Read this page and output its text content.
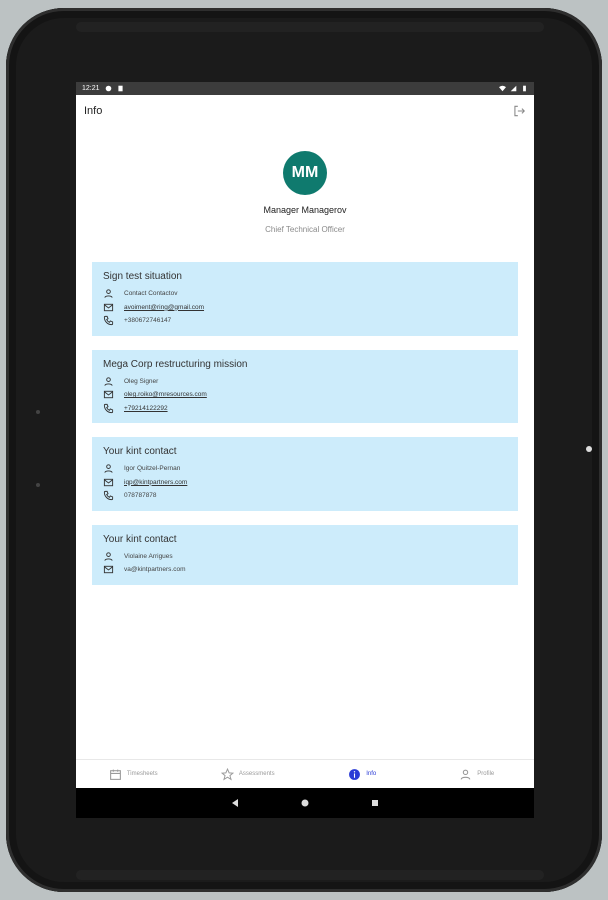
12:21
Info
MM
Manager Managerov
Chief Technical Officer
Sign test situation
Contact Contactov
avoiment@ring@gmail.com
+380672746147
Mega Corp restructuring mission
Oleg Signer
oleg.roiko@mresources.com
+79214122292
Your kint contact
Igor Quitzel-Pernan
iqp@kintpartners.com
078787878
Your kint contact
Violaine Arrigues
va@kintpartners.com
Timesheets	Assessments	Info	Profile
